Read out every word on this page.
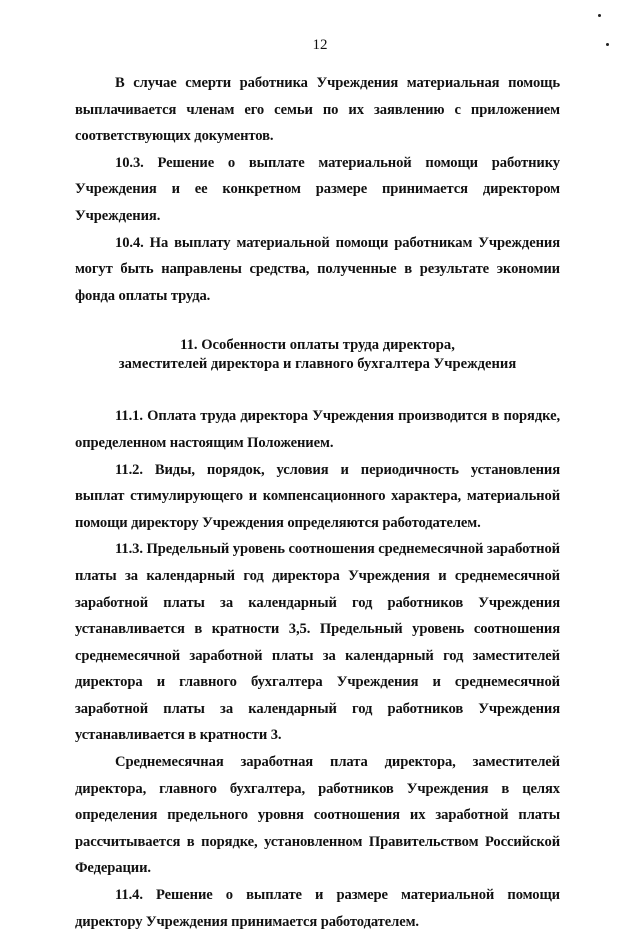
12

В случае смерти работника Учреждения материальная помощь выплачивается членам его семьи по их заявлению с приложением соответствующих документов.

10.3. Решение о выплате материальной помощи работнику Учреждения и ее конкретном размере принимается директором Учреждения.

10.4. На выплату материальной помощи работникам Учреждения могут быть направлены средства, полученные в результате экономии фонда оплаты труда.

11. Особенности оплаты труда директора,
заместителей директора и главного бухгалтера Учреждения

11.1. Оплата труда директора Учреждения производится в порядке, определенном настоящим Положением.

11.2. Виды, порядок, условия и периодичность установления выплат стимулирующего и компенсационного характера, материальной помощи директору Учреждения определяются работодателем.

11.3. Предельный уровень соотношения среднемесячной заработной платы за календарный год директора Учреждения и среднемесячной заработной платы за календарный год работников Учреждения устанавливается в кратности 3,5. Предельный уровень соотношения среднемесячной заработной платы за календарный год заместителей директора и главного бухгалтера Учреждения и среднемесячной заработной платы за календарный год работников Учреждения устанавливается в кратности 3.

Среднемесячная заработная плата директора, заместителей директора, главного бухгалтера, работников Учреждения в целях определения предельного уровня соотношения их заработной платы рассчитывается в порядке, установленном Правительством Российской Федерации.

11.4. Решение о выплате и размере материальной помощи директору Учреждения принимается работодателем.
